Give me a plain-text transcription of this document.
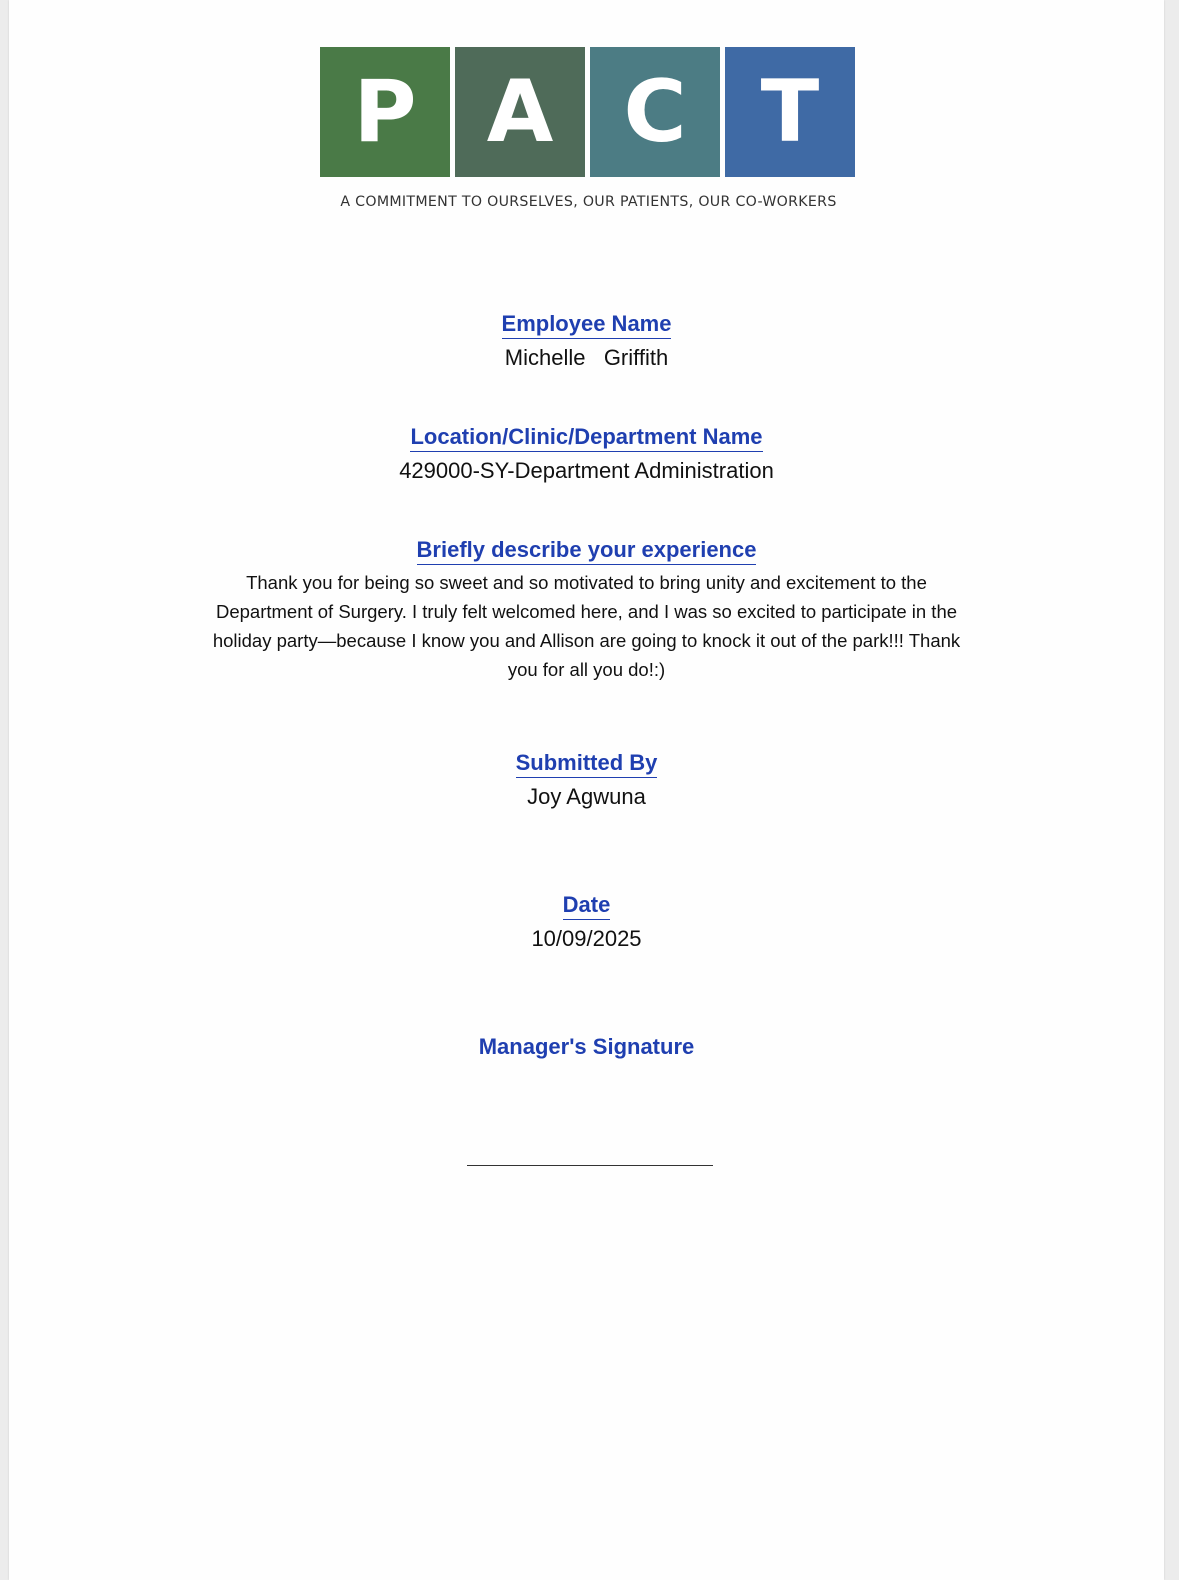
P A C T
A COMMITMENT TO OURSELVES, OUR PATIENTS, OUR CO-WORKERS
Employee Name
Michelle   Griffith
Location/Clinic/Department Name
429000-SY-Department Administration
Briefly describe your experience
Thank you for being so sweet and so motivated to bring unity and excitement to the Department of Surgery. I truly felt welcomed here, and I was so excited to participate in the holiday party—because I know you and Allison are going to knock it out of the park!!! Thank you for all you do!:)
Submitted By
Joy Agwuna
Date
10/09/2025
Manager's Signature
